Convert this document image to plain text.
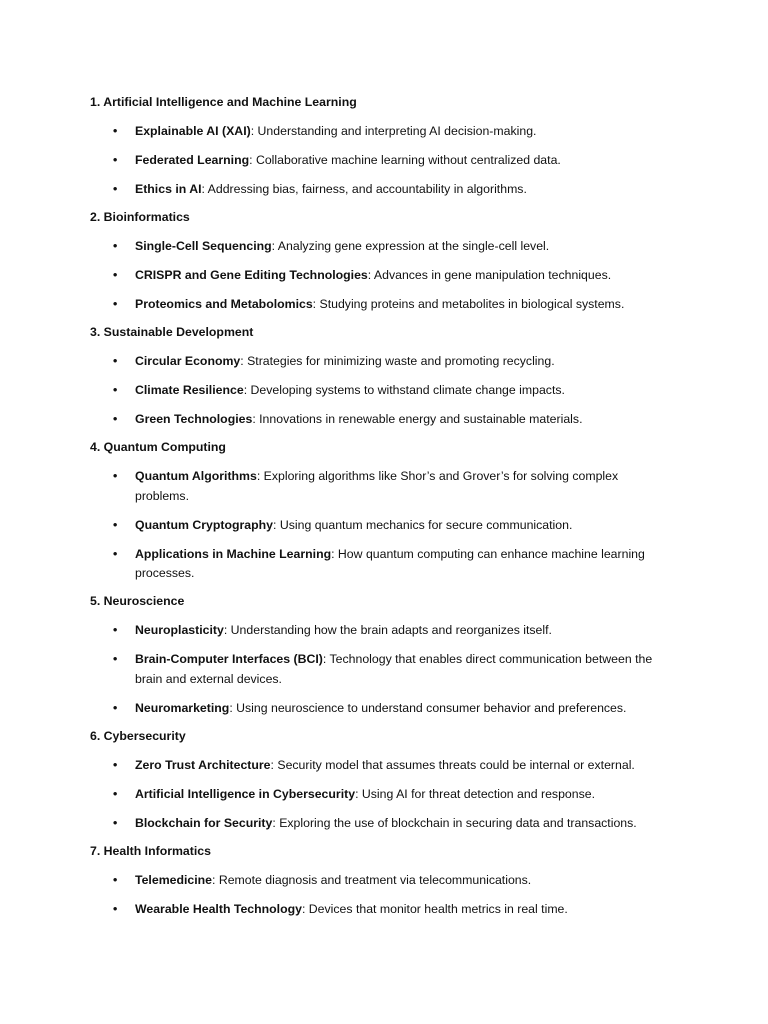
1. Artificial Intelligence and Machine Learning
• Explainable AI (XAI): Understanding and interpreting AI decision-making.
• Federated Learning: Collaborative machine learning without centralized data.
• Ethics in AI: Addressing bias, fairness, and accountability in algorithms.
2. Bioinformatics
• Single-Cell Sequencing: Analyzing gene expression at the single-cell level.
• CRISPR and Gene Editing Technologies: Advances in gene manipulation techniques.
• Proteomics and Metabolomics: Studying proteins and metabolites in biological systems.
3. Sustainable Development
• Circular Economy: Strategies for minimizing waste and promoting recycling.
• Climate Resilience: Developing systems to withstand climate change impacts.
• Green Technologies: Innovations in renewable energy and sustainable materials.
4. Quantum Computing
• Quantum Algorithms: Exploring algorithms like Shor’s and Grover’s for solving complex problems.
• Quantum Cryptography: Using quantum mechanics for secure communication.
• Applications in Machine Learning: How quantum computing can enhance machine learning processes.
5. Neuroscience
• Neuroplasticity: Understanding how the brain adapts and reorganizes itself.
• Brain-Computer Interfaces (BCI): Technology that enables direct communication between the brain and external devices.
• Neuromarketing: Using neuroscience to understand consumer behavior and preferences.
6. Cybersecurity
• Zero Trust Architecture: Security model that assumes threats could be internal or external.
• Artificial Intelligence in Cybersecurity: Using AI for threat detection and response.
• Blockchain for Security: Exploring the use of blockchain in securing data and transactions.
7. Health Informatics
• Telemedicine: Remote diagnosis and treatment via telecommunications.
• Wearable Health Technology: Devices that monitor health metrics in real time.
